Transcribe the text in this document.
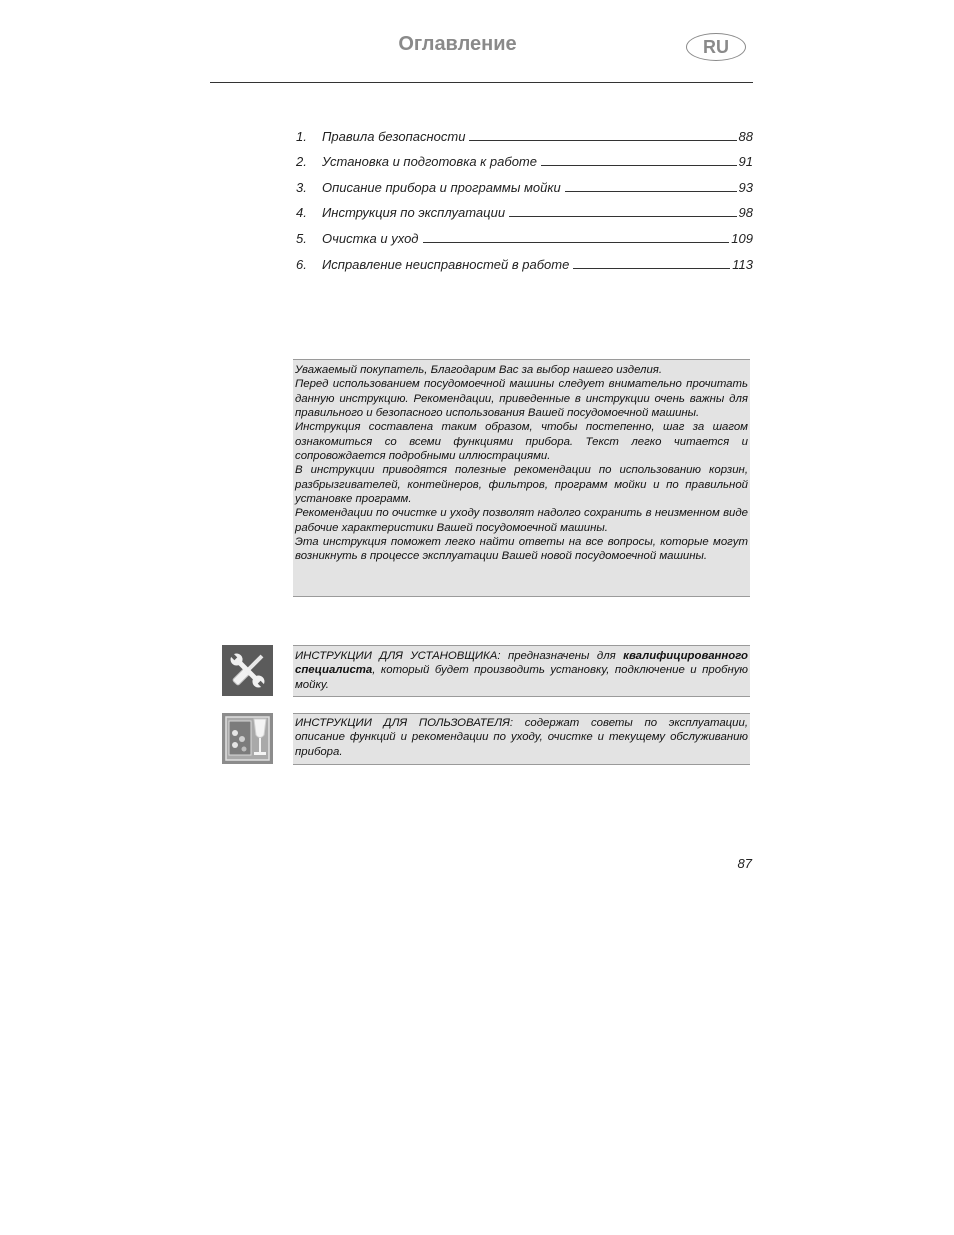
Оглавление	RU
1.	Правила безопасности	88
2.	Установка и подготовка к работе	91
3.	Описание прибора и программы мойки	93
4.	Инструкция по эксплуатации	98
5.	Очистка и уход	109
6.	Исправление неисправностей в работе	113

Уважаемый покупатель, Благодарим Вас за выбор нашего изделия.

Перед использованием посудомоечной машины следует внимательно прочитать данную инструкцию. Рекомендации, приведенные в инструкции очень важны для правильного и безопасного использования Вашей посудомоечной машины.

Инструкция составлена таким образом, чтобы постепенно, шаг за шагом ознакомиться со всеми функциями прибора. Текст легко читается и сопровождается подробными иллюстрациями.

В инструкции приводятся полезные рекомендации по использованию корзин, разбрызгивателей, контейнеров, фильтров, программ мойки и по правильной установке программ.

Рекомендации по очистке и уходу позволят надолго сохранить в неизменном виде рабочие характеристики Вашей посудомоечной машины.

Эта инструкция поможет легко найти ответы на все вопросы, которые могут возникнуть в процессе эксплуатации Вашей новой посудомоечной машины.

ИНСТРУКЦИИ ДЛЯ УСТАНОВЩИКА: предназначены для квалифицированного специалиста, который будет производить установку, подключение и пробную мойку.

ИНСТРУКЦИИ ДЛЯ ПОЛЬЗОВАТЕЛЯ: содержат советы по эксплуатации, описание функций и рекомендации по уходу, очистке и текущему обслуживанию прибора.

87
